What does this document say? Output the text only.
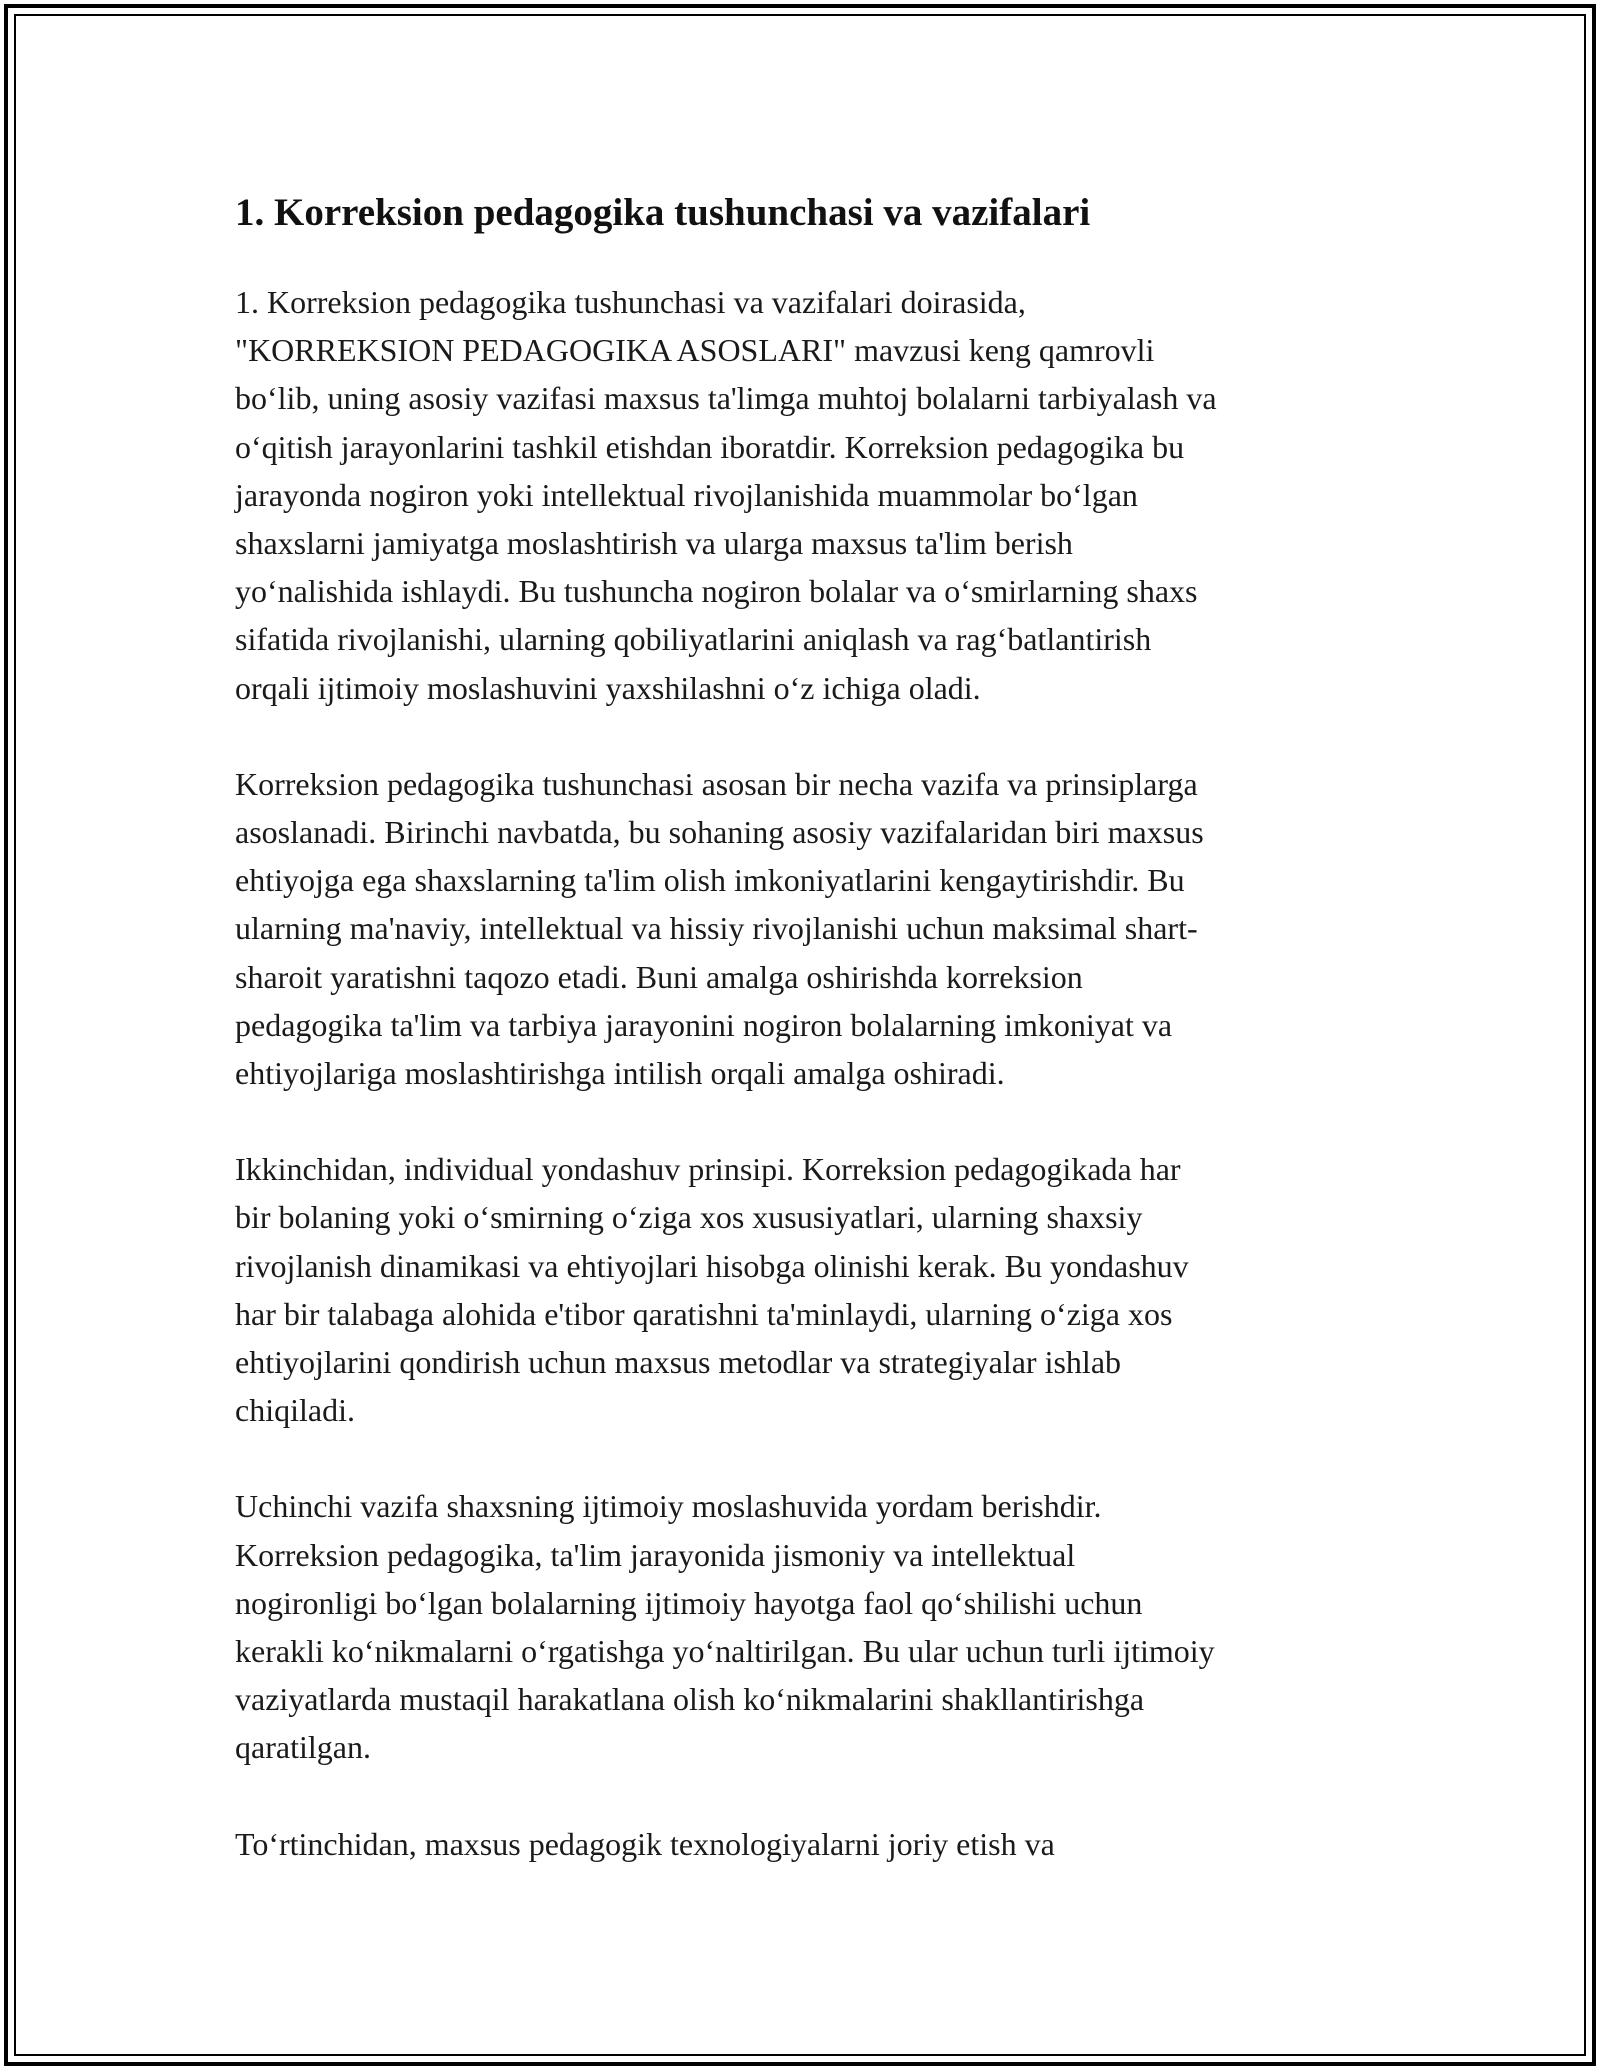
1. Korreksion pedagogika tushunchasi va vazifalari

1. Korreksion pedagogika tushunchasi va vazifalari doirasida,
"KORREKSION PEDAGOGIKA ASOSLARI" mavzusi keng qamrovli
bo‘lib, uning asosiy vazifasi maxsus ta'limga muhtoj bolalarni tarbiyalash va
o‘qitish jarayonlarini tashkil etishdan iboratdir. Korreksion pedagogika bu
jarayonda nogiron yoki intellektual rivojlanishida muammolar bo‘lgan
shaxslarni jamiyatga moslashtirish va ularga maxsus ta'lim berish
yo‘nalishida ishlaydi. Bu tushuncha nogiron bolalar va o‘smirlarning shaxs
sifatida rivojlanishi, ularning qobiliyatlarini aniqlash va rag‘batlantirish
orqali ijtimoiy moslashuvini yaxshilashni o‘z ichiga oladi.

Korreksion pedagogika tushunchasi asosan bir necha vazifa va prinsiplarga
asoslanadi. Birinchi navbatda, bu sohaning asosiy vazifalaridan biri maxsus
ehtiyojga ega shaxslarning ta'lim olish imkoniyatlarini kengaytirishdir. Bu
ularning ma'naviy, intellektual va hissiy rivojlanishi uchun maksimal shart-
sharoit yaratishni taqozo etadi. Buni amalga oshirishda korreksion
pedagogika ta'lim va tarbiya jarayonini nogiron bolalarning imkoniyat va
ehtiyojlariga moslashtirishga intilish orqali amalga oshiradi.

Ikkinchidan, individual yondashuv prinsipi. Korreksion pedagogikada har
bir bolaning yoki o‘smirning o‘ziga xos xususiyatlari, ularning shaxsiy
rivojlanish dinamikasi va ehtiyojlari hisobga olinishi kerak. Bu yondashuv
har bir talabaga alohida e'tibor qaratishni ta'minlaydi, ularning o‘ziga xos
ehtiyojlarini qondirish uchun maxsus metodlar va strategiyalar ishlab
chiqiladi.

Uchinchi vazifa shaxsning ijtimoiy moslashuvida yordam berishdir.
Korreksion pedagogika, ta'lim jarayonida jismoniy va intellektual
nogironligi bo‘lgan bolalarning ijtimoiy hayotga faol qo‘shilishi uchun
kerakli ko‘nikmalarni o‘rgatishga yo‘naltirilgan. Bu ular uchun turli ijtimoiy
vaziyatlarda mustaqil harakatlana olish ko‘nikmalarini shakllantirishga
qaratilgan.

To‘rtinchidan, maxsus pedagogik texnologiyalarni joriy etish va
